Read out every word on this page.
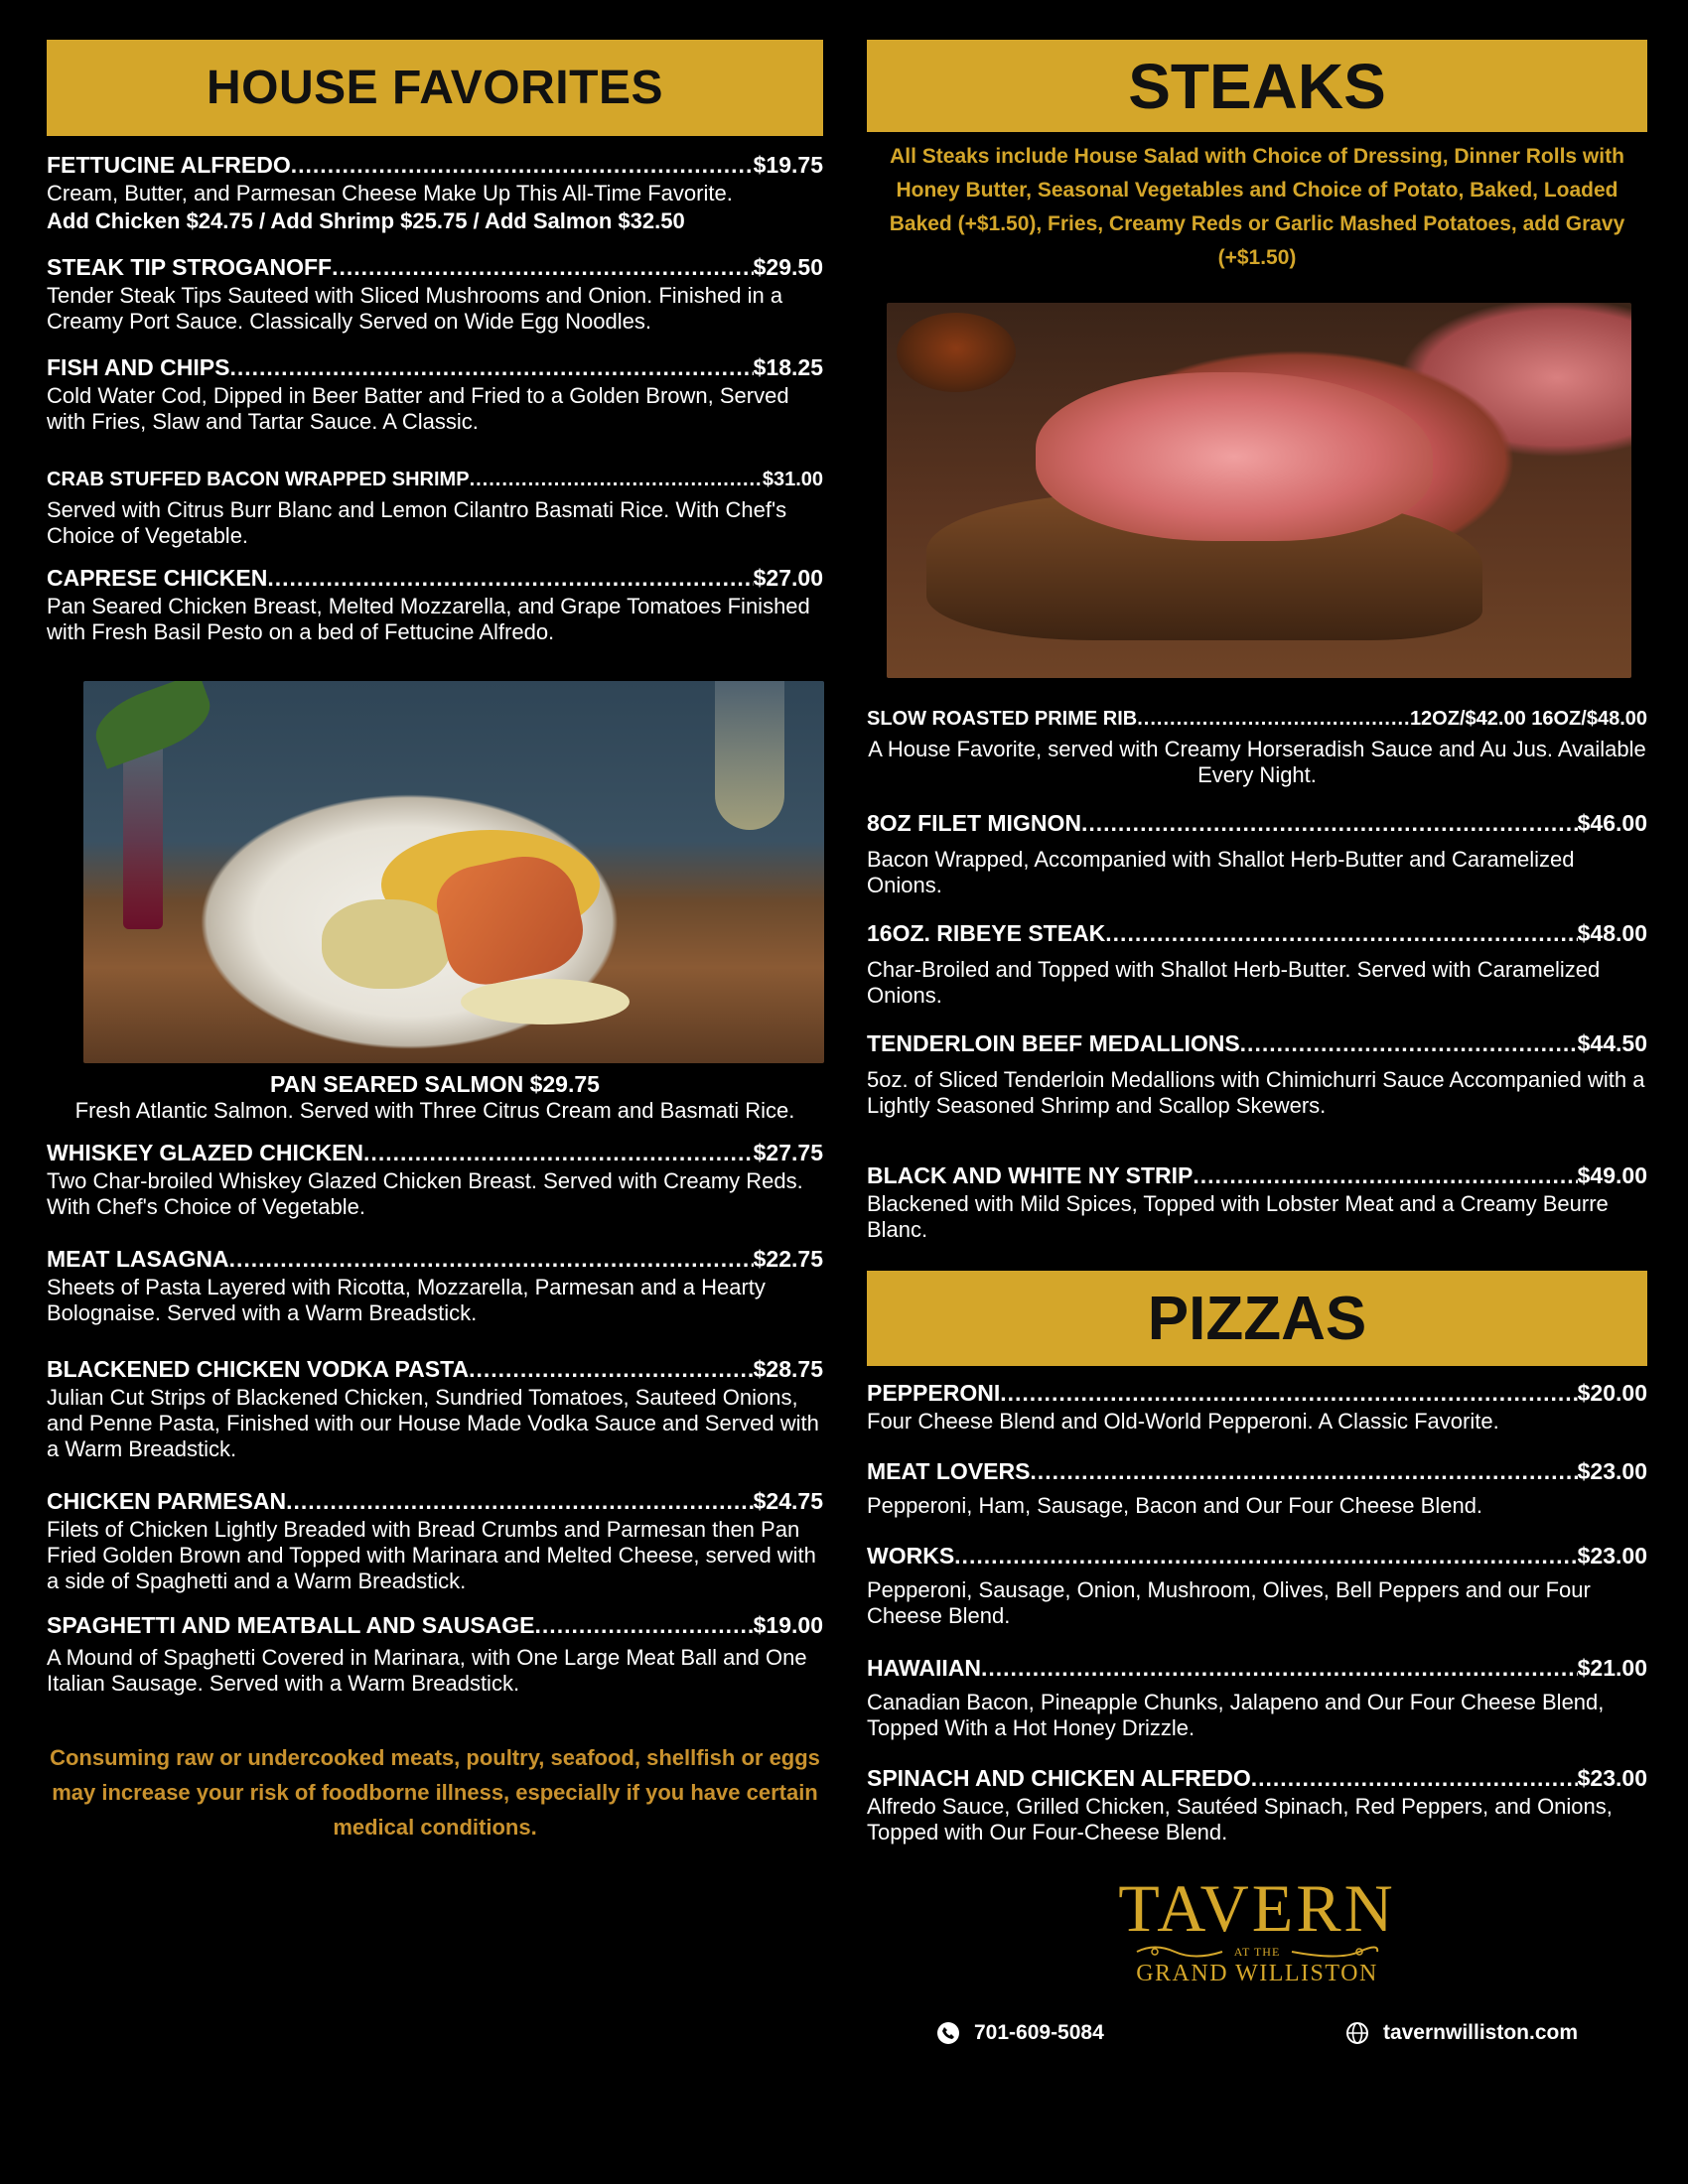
HOUSE FAVORITES
FETTUCINE ALFREDO .....	$19.75
Cream, Butter, and Parmesan Cheese Make Up This All-Time Favorite.
Add Chicken $24.75 / Add Shrimp $25.75 / Add Salmon $32.50
STEAK TIP STROGANOFF .....	$29.50
Tender Steak Tips Sauteed with Sliced Mushrooms and Onion. Finished in a Creamy Port Sauce. Classically Served on Wide Egg Noodles.
FISH AND CHIPS .....	$18.25
Cold Water Cod, Dipped in Beer Batter and Fried to a Golden Brown, Served with Fries, Slaw and Tartar Sauce. A Classic.
CRAB STUFFED BACON WRAPPED SHRIMP .....	$31.00
Served with Citrus Burr Blanc and Lemon Cilantro Basmati Rice. With Chef's Choice of Vegetable.
CAPRESE CHICKEN .....	$27.00
Pan Seared Chicken Breast, Melted Mozzarella, and Grape Tomatoes Finished with Fresh Basil Pesto on a bed of Fettucine Alfredo.
PAN SEARED SALMON $29.75
Fresh Atlantic Salmon. Served with Three Citrus Cream and Basmati Rice.
WHISKEY GLAZED CHICKEN .....	$27.75
Two Char-broiled Whiskey Glazed Chicken Breast. Served with Creamy Reds. With Chef's Choice of Vegetable.
MEAT LASAGNA .....	$22.75
Sheets of Pasta Layered with Ricotta, Mozzarella, Parmesan and a Hearty Bolognaise. Served with a Warm Breadstick.
BLACKENED CHICKEN VODKA PASTA .....	$28.75
Julian Cut Strips of Blackened Chicken, Sundried Tomatoes, Sauteed Onions, and Penne Pasta, Finished with our House Made Vodka Sauce and Served with a Warm Breadstick.
CHICKEN PARMESAN .....	$24.75
Filets of Chicken Lightly Breaded with Bread Crumbs and Parmesan then Pan Fried Golden Brown and Topped with Marinara and Melted Cheese, served with a side of Spaghetti and a Warm Breadstick.
SPAGHETTI AND MEATBALL AND SAUSAGE .....	$19.00
A Mound of Spaghetti Covered in Marinara, with One Large Meat Ball and One Italian Sausage. Served with a Warm Breadstick.
Consuming raw or undercooked meats, poultry, seafood, shellfish or eggs may increase your risk of foodborne illness, especially if you have certain medical conditions.
STEAKS
All Steaks include House Salad with Choice of Dressing, Dinner Rolls with Honey Butter, Seasonal Vegetables and Choice of Potato, Baked, Loaded Baked (+$1.50), Fries, Creamy Reds or Garlic Mashed Potatoes, add Gravy (+$1.50)
SLOW ROASTED PRIME RIB .....	12OZ/$42.00 16OZ/$48.00
A House Favorite, served with Creamy Horseradish Sauce and Au Jus. Available Every Night.
8OZ FILET MIGNON .....	$46.00
Bacon Wrapped, Accompanied with Shallot Herb-Butter and Caramelized Onions.
16OZ. RIBEYE STEAK .....	$48.00
Char-Broiled and Topped with Shallot Herb-Butter. Served with Caramelized Onions.
TENDERLOIN BEEF MEDALLIONS .....	$44.50
5oz. of Sliced Tenderloin Medallions with Chimichurri Sauce Accompanied with a Lightly Seasoned Shrimp and Scallop Skewers.
BLACK AND WHITE NY STRIP .....	$49.00
Blackened with Mild Spices, Topped with Lobster Meat and a Creamy Beurre Blanc.
PIZZAS
PEPPERONI .....	$20.00
Four Cheese Blend and Old-World Pepperoni. A Classic Favorite.
MEAT LOVERS .....	$23.00
Pepperoni, Ham, Sausage, Bacon and Our Four Cheese Blend.
WORKS .....	$23.00
Pepperoni, Sausage, Onion, Mushroom, Olives, Bell Peppers and our Four Cheese Blend.
HAWAIIAN .....	$21.00
Canadian Bacon, Pineapple Chunks, Jalapeno and Our Four Cheese Blend, Topped With a Hot Honey Drizzle.
SPINACH AND CHICKEN ALFREDO .....	$23.00
Alfredo Sauce, Grilled Chicken, Sautéed Spinach, Red Peppers, and Onions, Topped with Our Four-Cheese Blend.
TAVERN
AT THE
GRAND WILLISTON
701-609-5084	tavernwilliston.com
